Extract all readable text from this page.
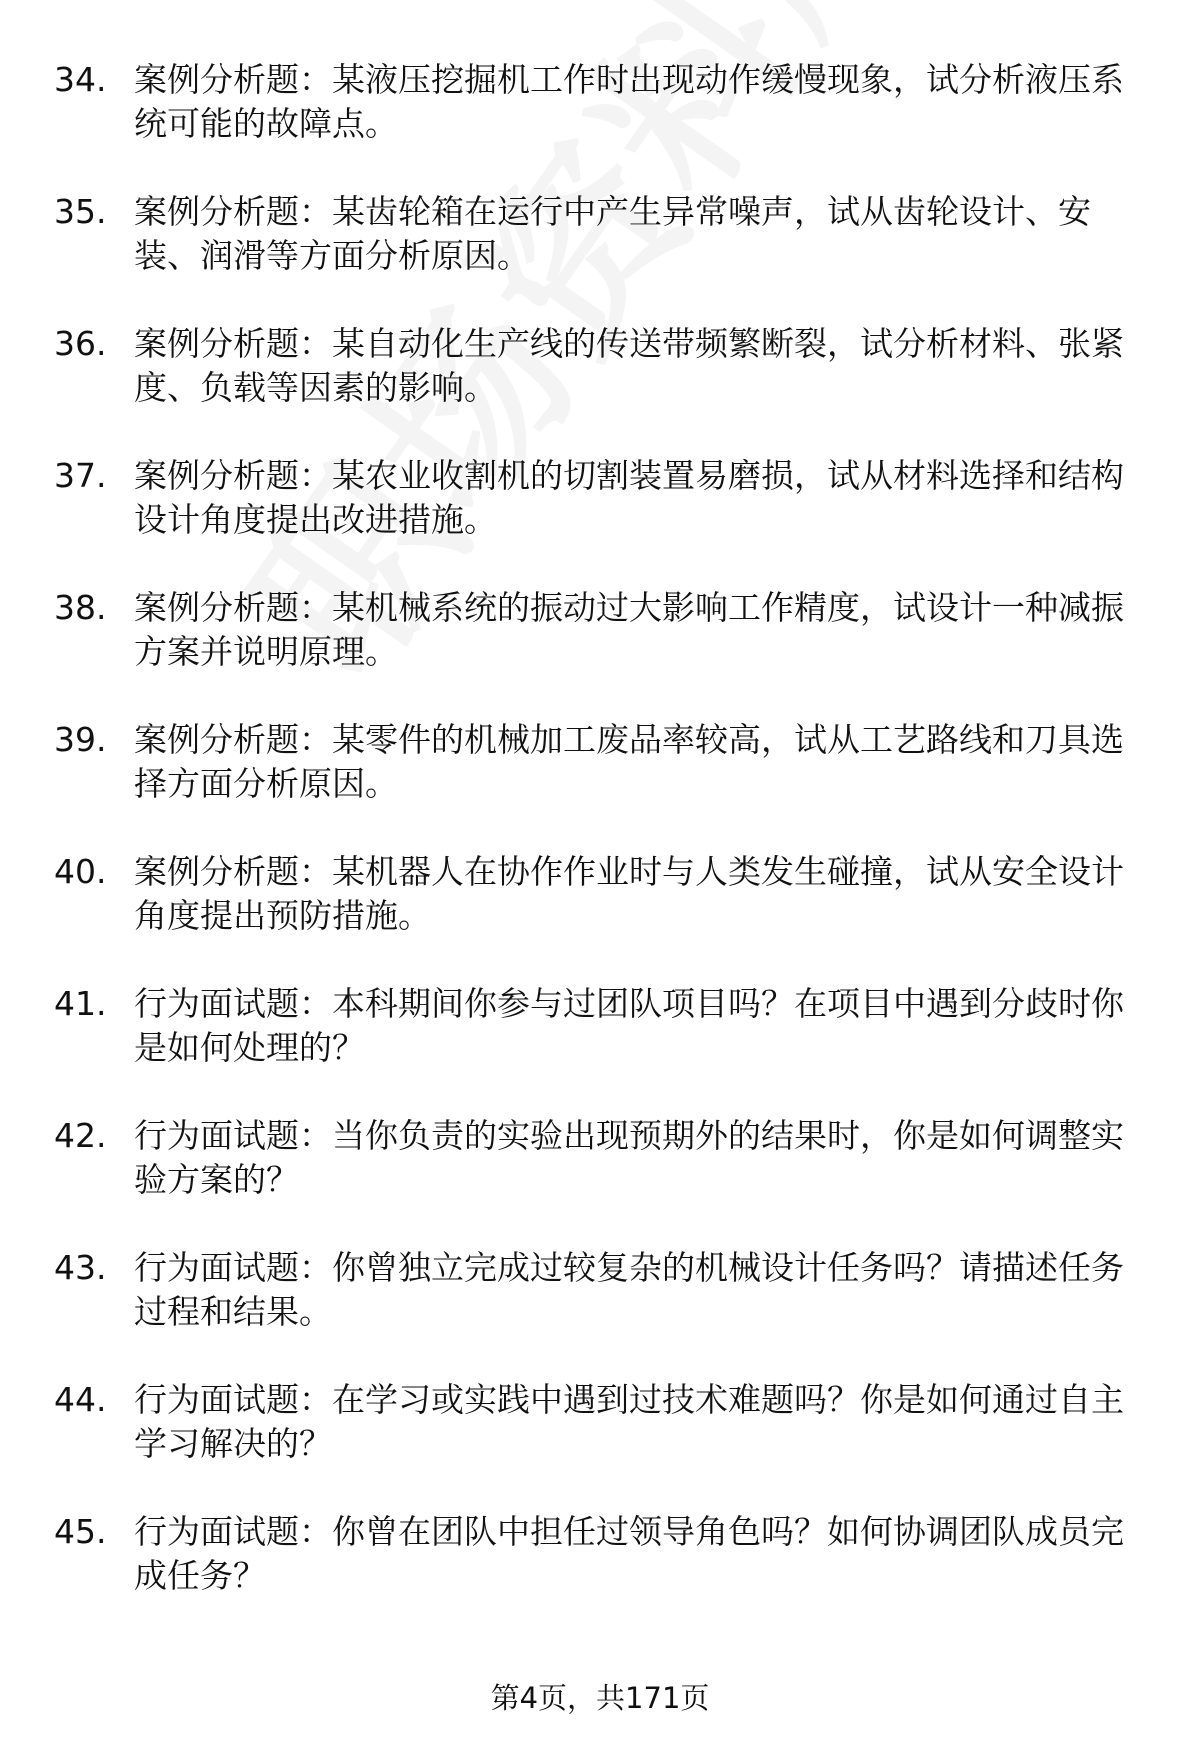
34. 案例分析题：某液压挖掘机工作时出现动作缓慢现象，试分析液压系统可能的故障点。
35. 案例分析题：某齿轮箱在运行中产生异常噪声，试从齿轮设计、安装、润滑等方面分析原因。
36. 案例分析题：某自动化生产线的传送带频繁断裂，试分析材料、张紧度、负载等因素的影响。
37. 案例分析题：某农业收割机的切割装置易磨损，试从材料选择和结构设计角度提出改进措施。
38. 案例分析题：某机械系统的振动过大影响工作精度，试设计一种减振方案并说明原理。
39. 案例分析题：某零件的机械加工废品率较高，试从工艺路线和刀具选择方面分析原因。
40. 案例分析题：某机器人在协作作业时与人类发生碰撞，试从安全设计角度提出预防措施。
41. 行为面试题：本科期间你参与过团队项目吗？在项目中遇到分歧时你是如何处理的？
42. 行为面试题：当你负责的实验出现预期外的结果时，你是如何调整实验方案的？
43. 行为面试题：你曾独立完成过较复杂的机械设计任务吗？请描述任务过程和结果。
44. 行为面试题：在学习或实践中遇到过技术难题吗？你是如何通过自主学习解决的？
45. 行为面试题：你曾在团队中担任过领导角色吗？如何协调团队成员完成任务？
第4页，共171页
